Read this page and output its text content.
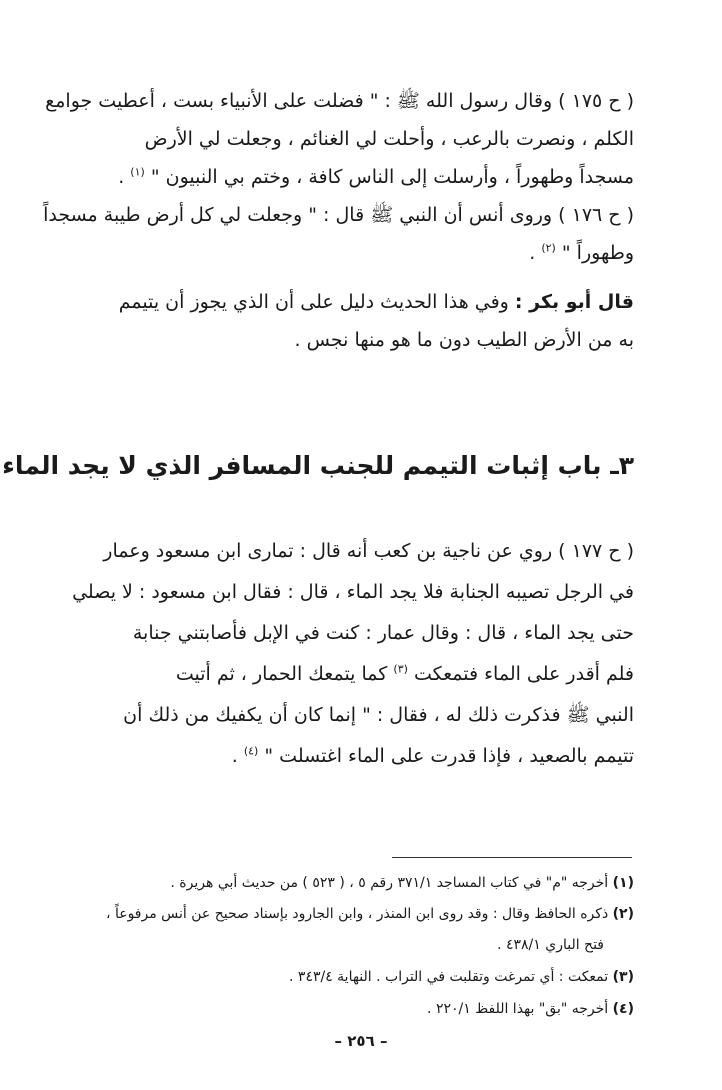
( ح ١٧٥ ) وقال رسول الله ﷺ : " فضلت على الأنبياء بست ، أعطيت جوامع
الكلم ، ونصرت بالرعب ، وأحلت لي الغنائم ، وجعلت لي الأرض
مسجداً وطهوراً ، وأرسلت إلى الناس كافة ، وختم بي النبيون " $^{(١)}$ .
( ح ١٧٦ ) وروى أنس أن النبي ﷺ قال : " وجعلت لي كل أرض طيبة مسجداً
وطهوراً " $^{(٢)}$ .
قال أبو بكر : وفي هذا الحديث دليل على أن الذي يجوز أن يتيمم
به من الأرض الطيب دون ما هو منها نجس .
٣ـ باب إثبات التيمم للجنب المسافر الذي لا يجد الماء
( ح ١٧٧ ) روي عن ناجية بن كعب أنه قال : تمارى ابن مسعود وعمار
في الرجل تصيبه الجنابة فلا يجد الماء ، قال : فقال ابن مسعود : لا يصلي
حتى يجد الماء ، قال : وقال عمار : كنت في الإبل فأصابتني جنابة
فلم أقدر على الماء فتمعكت $^{(٣)}$ كما يتمعك الحمار ، ثم أتيت
النبي ﷺ فذكرت ذلك له ، فقال : " إنما كان أن يكفيك من ذلك أن
تتيمم بالصعيد ، فإذا قدرت على الماء اغتسلت " $^{(٤)}$ .
(١) أخرجه "م" في كتاب المساجد ٣٧١/١ رقم ٥ ، ( ٥٢٣ ) من حديث أبي هريرة .
(٢) ذكره الحافظ وقال : وقد روى ابن المنذر ، وابن الجارود بإسناد صحيح عن أنس مرفوعاً ،
فتح الباري ٤٣٨/١ .
(٣) تمعكت : أي تمرغت وتقلبت في التراب . النهاية ٣٤٣/٤ .
(٤) أخرجه "بق" بهذا اللفظ ٢٢٠/١ .
– ٢٥٦ –
